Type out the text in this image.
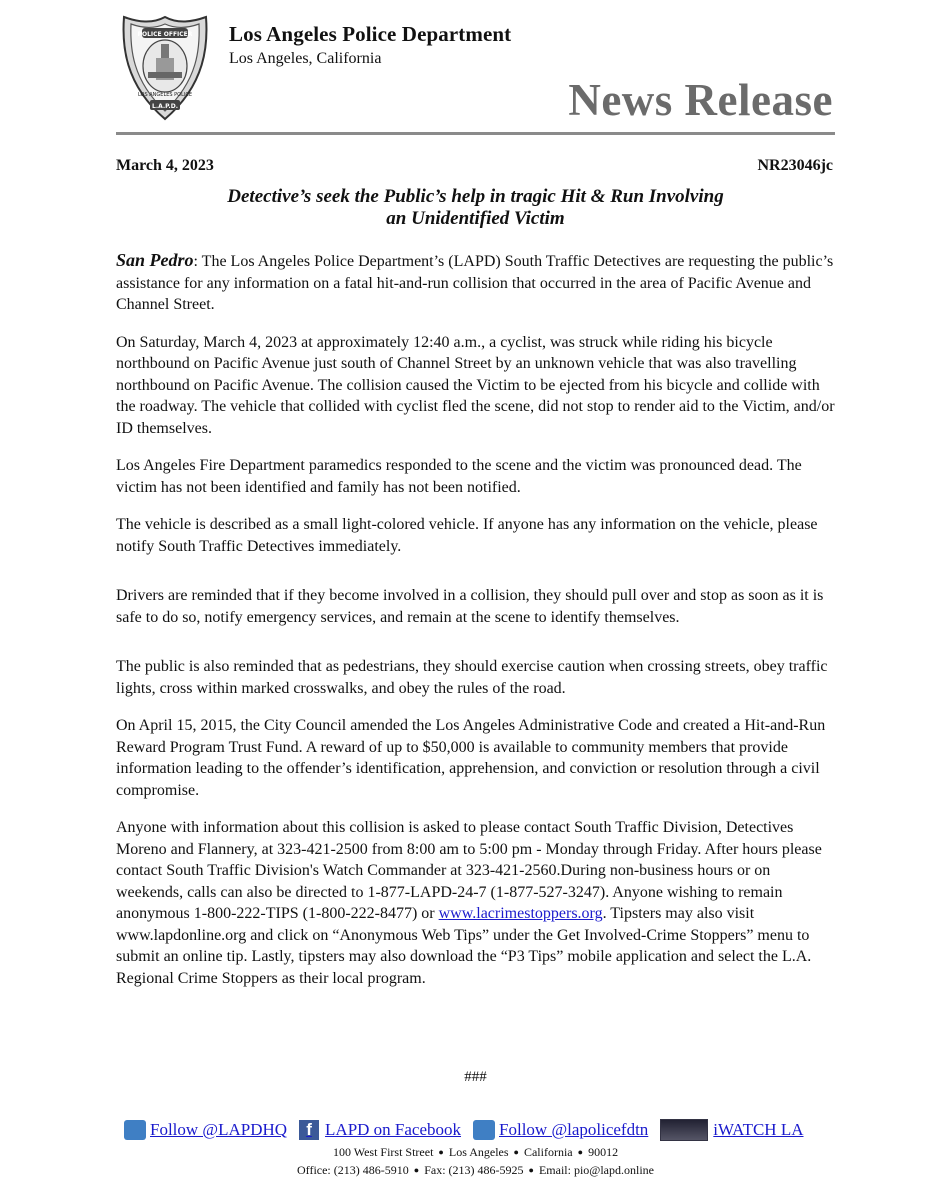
POLICE OFFICER
LOS ANGELES POLICE
L.A.P.D.
Los Angeles Police Department
Los Angeles, California
News Release
March 4, 2023	NR23046jc
Detective’s seek the Public’s help in tragic Hit & Run Involving
an Unidentified Victim

San Pedro: The Los Angeles Police Department’s (LAPD) South Traffic Detectives are requesting the public’s assistance for any information on a fatal hit-and-run collision that occurred in the area of Pacific Avenue and Channel Street.

On Saturday, March 4, 2023 at approximately 12:40 a.m., a cyclist, was struck while riding his bicycle northbound on Pacific Avenue just south of Channel Street by an unknown vehicle that was also travelling northbound on Pacific Avenue. The collision caused the Victim to be ejected from his bicycle and collide with the roadway. The vehicle that collided with cyclist fled the scene, did not stop to render aid to the Victim, and/or ID themselves.

Los Angeles Fire Department paramedics responded to the scene and the victim was pronounced dead. The victim has not been identified and family has not been notified.

The vehicle is described as a small light-colored vehicle. If anyone has any information on the vehicle, please notify South Traffic Detectives immediately.

Drivers are reminded that if they become involved in a collision, they should pull over and stop as soon as it is safe to do so, notify emergency services, and remain at the scene to identify themselves.

The public is also reminded that as pedestrians, they should exercise caution when crossing streets, obey traffic lights, cross within marked crosswalks, and obey the rules of the road.

On April 15, 2015, the City Council amended the Los Angeles Administrative Code and created a Hit-and-Run Reward Program Trust Fund. A reward of up to $50,000 is available to community members that provide information leading to the offender’s identification, apprehension, and conviction or resolution through a civil compromise.

Anyone with information about this collision is asked to please contact South Traffic Division, Detectives Moreno and Flannery, at 323-421-2500 from 8:00 am to 5:00 pm - Monday through Friday. After hours please contact South Traffic Division's Watch Commander at 323-421-2560.During non-business hours or on weekends, calls can also be directed to 1-877-LAPD-24-7 (1-877-527-3247). Anyone wishing to remain anonymous 1-800-222-TIPS (1-800-222-8477) or www.lacrimestoppers.org. Tipsters may also visit www.lapdonline.org and click on “Anonymous Web Tips” under the Get Involved-Crime Stoppers” menu to submit an online tip. Lastly, tipsters may also download the “P3 Tips” mobile application and select the L.A. Regional Crime Stoppers as their local program.

###
Follow @LAPDHQ	f LAPD on Facebook Follow @lapolicefdtn	iWATCH LA
100 West First Street ● Los Angeles ● California ● 90012
Office: (213) 486-5910 ● Fax: (213) 486-5925 ● Email: pio@lapd.online
